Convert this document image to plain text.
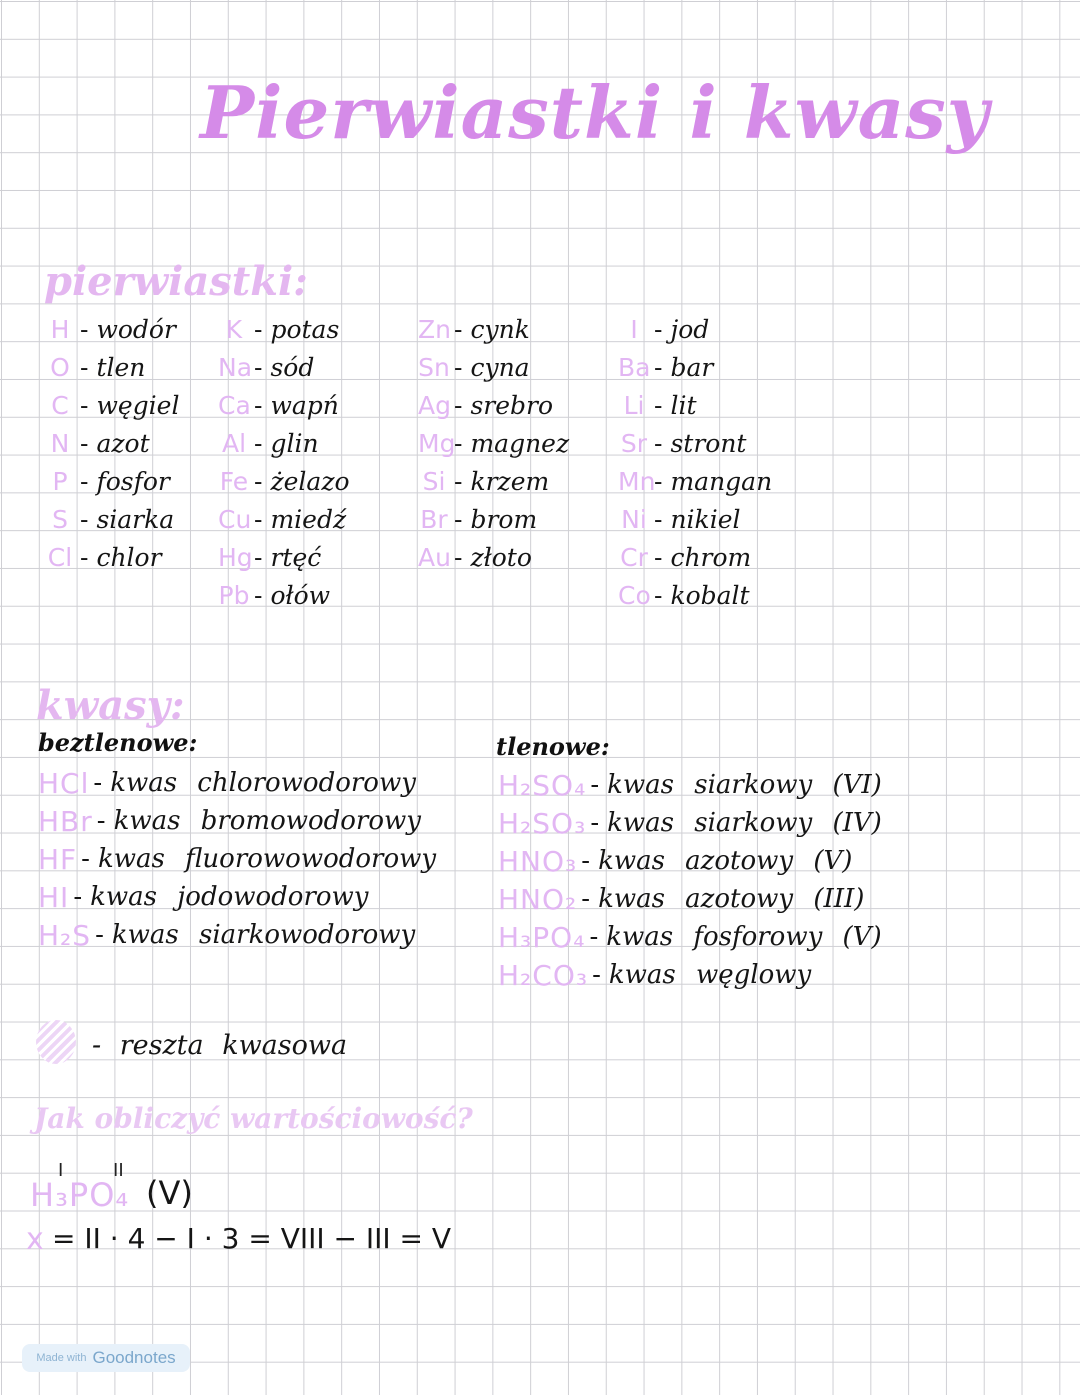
Pierwiastki i kwasy
pierwiastki:
H - wodór
O - tlen
C - węgiel
N - azot
P - fosfor
S - siarka
Cl - chlor
K - potas
Na - sód
Ca - wapń
Al - glin
Fe - żelazo
Cu - miedź
Hg - rtęć
Pb - ołów
Zn - cynk
Sn - cyna
Ag - srebro
Mg
- magnez
Si - krzem
Br - brom
Au - złoto
I - jod
Ba - bar
Li - lit
Sr - stront
Mn
- mangan
Ni - nikiel
Cr - chrom
Co - kobalt
kwasy:
beztlenowe:	tlenowe:
HCl - kwas chlorowodorowy
HBr - kwas bromowodorowy
HF - kwas fluorowowodorowy
HI - kwas jodowodorowy
H₂S - kwas siarkowodorowy
H₂SO₄ - kwas siarkowy (VI)
H₂SO₃ - kwas siarkowy (IV)
HNO₃ - kwas azotowy (V)
HNO₂ - kwas azotowy (III)
H₃PO₄ - kwas fosforowy (V)
H₂CO₃ - kwas węglowy
- reszta kwasowa
Jak obliczyć wartościowość?
I II
H₃PO₄ (V)
x = II · 4 − I · 3 = VIII − III = V
Made with Goodnotes
